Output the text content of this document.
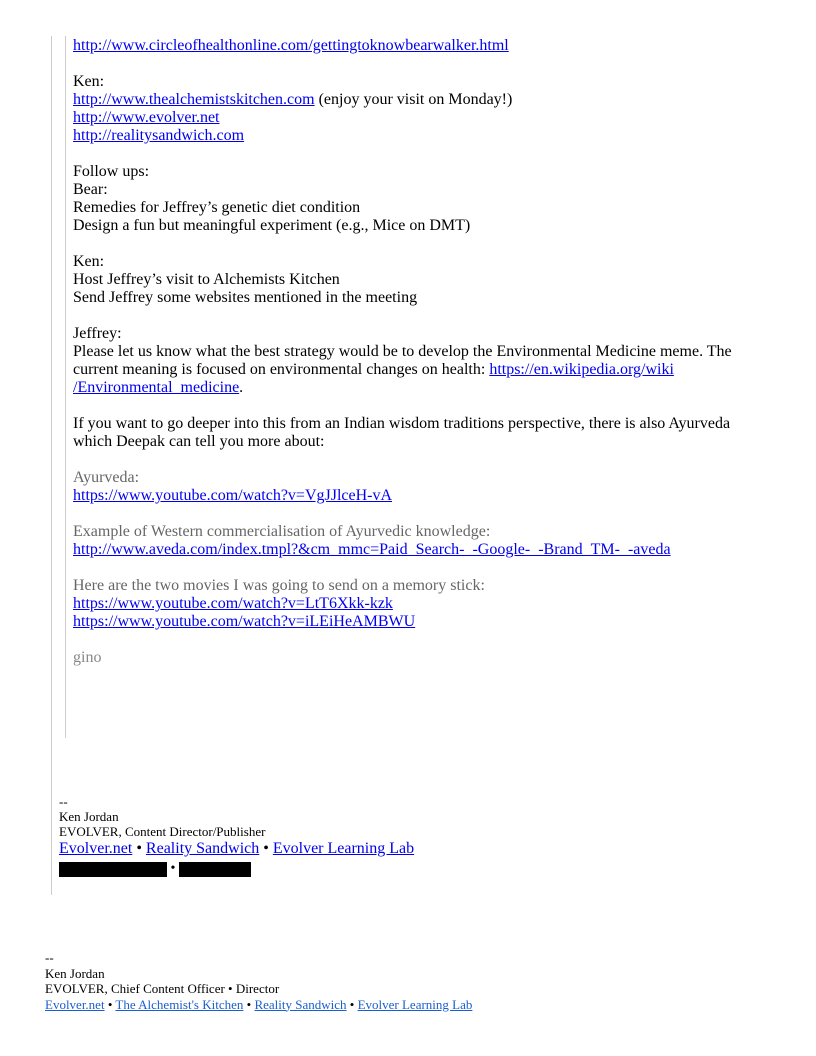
http://www.circleofhealthonline.com/gettingtoknowbearwalker.html

Ken:

http://www.thealchemistskitchen.com (enjoy your visit on Monday!)

http://www.evolver.net

http://realitysandwich.com

Follow ups:

Bear:

Remedies for Jeffrey’s genetic diet condition

Design a fun but meaningful experiment (e.g., Mice on DMT)

Ken:

Host Jeffrey’s visit to Alchemists Kitchen

Send Jeffrey some websites mentioned in the meeting

Jeffrey:

Please let us know what the best strategy would be to develop the Environmental Medicine meme. The current meaning is focused on environmental changes on health: https://en.wikipedia.org/wiki
/Environmental_medicine.

If you want to go deeper into this from an Indian wisdom traditions perspective, there is also Ayurveda which Deepak can tell you more about:

Ayurveda:

https://www.youtube.com/watch?v=VgJJlceH-vA

Example of Western commercialisation of Ayurvedic knowledge:

http://www.aveda.com/index.tmpl?&cm_mmc=Paid_Search-_-Google-_-Brand_TM-_-aveda

Here are the two movies I was going to send on a memory stick:

https://www.youtube.com/watch?v=LtT6Xkk-kzk

https://www.youtube.com/watch?v=iLEiHeAMBWU

gino

--
Ken Jordan
EVOLVER, Content Director/Publisher
Evolver.net • Reality Sandwich • Evolver Learning Lab
•
--
Ken Jordan
EVOLVER, Chief Content Officer • Director
Evolver.net • The Alchemist's Kitchen • Reality Sandwich • Evolver Learning Lab
